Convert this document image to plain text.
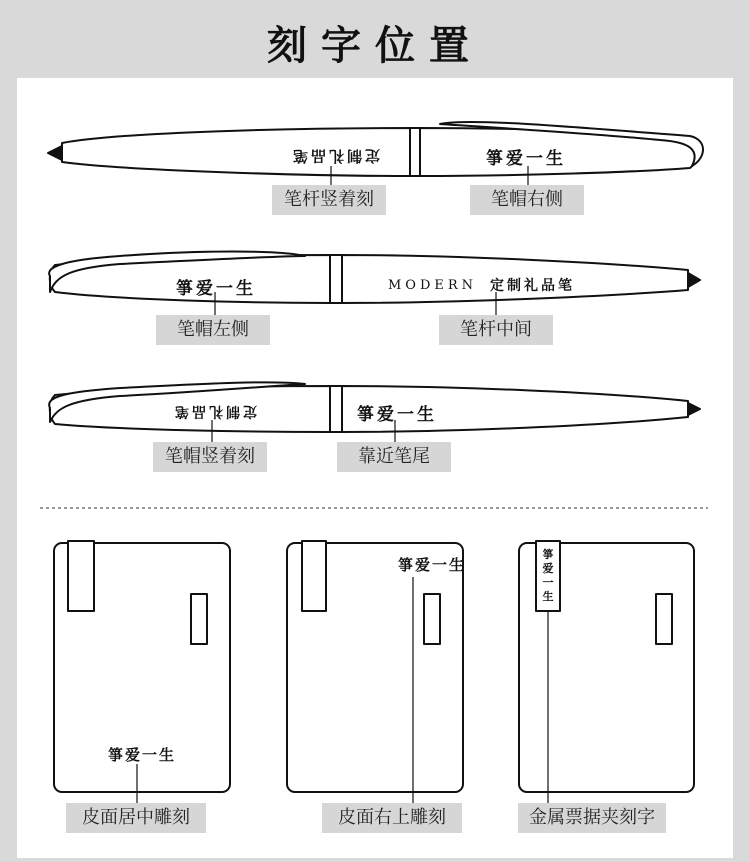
刻字位置
定制礼品笔	箏爱一生
箏爱一生	MODERN 定制礼品笔
定制礼品笔	箏爱一生
箏爱一生
箏爱一生
箏爱一生
笔杆竖着刻	笔帽右侧
笔帽左侧	笔杆中间
笔帽竖着刻	靠近笔尾
皮面居中雕刻	皮面右上雕刻	金属票据夹刻字
